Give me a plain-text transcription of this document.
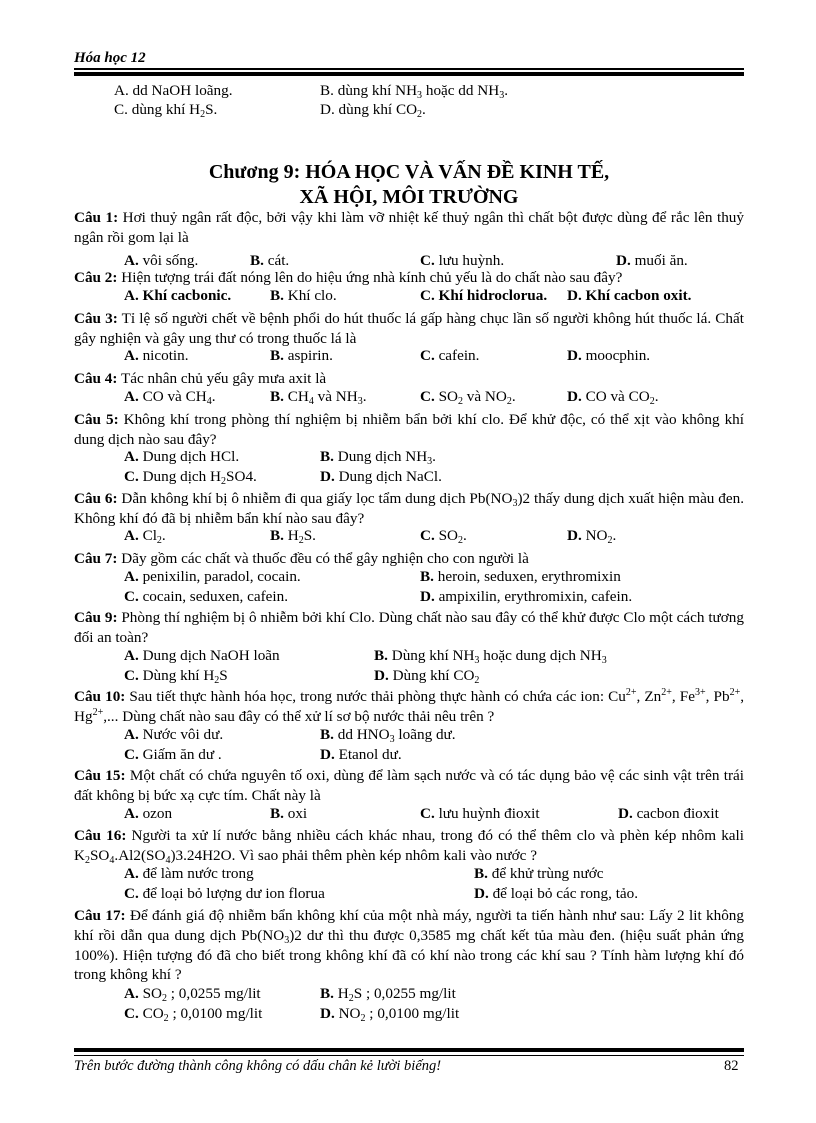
Hóa học 12
A. dd NaOH loãng.	B. dùng khí $NH_3$ hoặc dd $NH_3$.
C. dùng khí $H_2S$.	D. dùng khí $CO_2$.
Chương 9: HÓA HỌC VÀ VẤN ĐỀ KINH TẾ,
XÃ HỘI, MÔI TRƯỜNG
Câu 1: Hơi thuỷ ngân rất độc, bởi vậy khi làm vỡ nhiệt kế thuỷ ngân thì chất bột được dùng để rắc lên thuỷ ngân rồi gom lại là
A. vôi sống.	B. cát.	C. lưu huỳnh.	D. muối ăn.
Câu 2: Hiện tượng trái đất nóng lên do hiệu ứng nhà kính chủ yếu là do chất nào sau đây?
A. Khí cacbonic.	B. Khí clo.	C. Khí hidroclorua. D. Khí cacbon oxit.
Câu 3: Tỉ lệ số người chết về bệnh phổi do hút thuốc lá gấp hàng chục lần số người không hút thuốc lá. Chất gây nghiện và gây ung thư có trong thuốc lá là
A. nicotin.	B. aspirin.	C. cafein.	D. moocphin.
Câu 4: Tác nhân chủ yếu gây mưa axit là
A. CO và $CH_4$.	B. $CH_4$ và $NH_3$.	C. $SO_2$ và $NO_2$.	D. CO và $CO_2$.
Câu 5: Không khí trong phòng thí nghiệm bị nhiễm bẩn bởi khí clo. Để khử độc, có thể xịt vào không khí dung dịch nào sau đây?
A. Dung dịch HCl.	B. Dung dịch $NH_3$.
C. Dung dịch $H_2SO4$.	D. Dung dịch NaCl.
Câu 6: Dẫn không khí bị ô nhiễm đi qua giấy lọc tẩm dung dịch $Pb(NO_3)2$ thấy dung dịch xuất hiện màu đen. Không khí đó đã bị nhiễm bẩn khí nào sau đây?
A. $Cl_2$.	B. $H_2S$.	C. $SO_2$.	D. $NO_2$.
Câu 7: Dãy gồm các chất và thuốc đều có thể gây nghiện cho con người là
A. penixilin, paradol, cocain.	B. heroin, seduxen, erythromixin
C. cocain, seduxen, cafein.	D. ampixilin, erythromixin, cafein.
Câu 9: Phòng thí nghiệm bị ô nhiễm bởi khí Clo. Dùng chất nào sau đây có thể khử được Clo một cách tương đối an toàn?
A. Dung dịch NaOH loãn	B. Dùng khí $NH_3$ hoặc dung dịch $NH_3$
C. Dùng khí $H_2S$	D. Dùng khí $CO_2$
Câu 10: Sau tiết thực hành hóa học, trong nước thải phòng thực hành có chứa các ion: $Cu^{2+}$, $Zn^{2+}$, $Fe^{3+}$, $Pb^{2+}$, $Hg^{2+}$,... Dùng chất nào sau đây có thể xử lí sơ bộ nước thải nêu trên ?
A. Nước vôi dư.	B. dd $HNO_3$ loãng dư.
C. Giấm ăn dư .	D. Etanol dư.
Câu 15: Một chất có chứa nguyên tố oxi, dùng để làm sạch nước và có tác dụng bảo vệ các sinh vật trên trái đất không bị bức xạ cực tím. Chất này là
A. ozon	B. oxi	C. lưu huỳnh đioxit	D. cacbon đioxit
Câu 16: Người ta xử lí nước bằng nhiều cách khác nhau, trong đó có thể thêm clo và phèn kép nhôm kali $K_2SO_4.Al2(SO_4)3.24H2O$. Vì sao phải thêm phèn kép nhôm kali vào nước ?
A. để làm nước trong	B. để khử trùng nước
C. để loại bỏ lượng dư ion florua	D. để loại bỏ các rong, tảo.
Câu 17: Để đánh giá độ nhiễm bẩn không khí của một nhà máy, người ta tiến hành như sau: Lấy 2 lit không khí rồi dẫn qua dung dịch $Pb(NO_3)2$ dư thì thu được 0,3585 mg chất kết tủa màu đen. (hiệu suất phản ứng 100%). Hiện tượng đó đã cho biết trong không khí đã có khí nào trong các khí sau ? Tính hàm lượng khí đó trong không khí ?
A. $SO_2$ ; 0,0255 mg/lit	B. $H_2S$ ; 0,0255 mg/lit
C. $CO_2$ ; 0,0100 mg/lit	D. $NO_2$ ; 0,0100 mg/lit
Trên bước đường thành công không có dấu chân kẻ lười biếng!	82
